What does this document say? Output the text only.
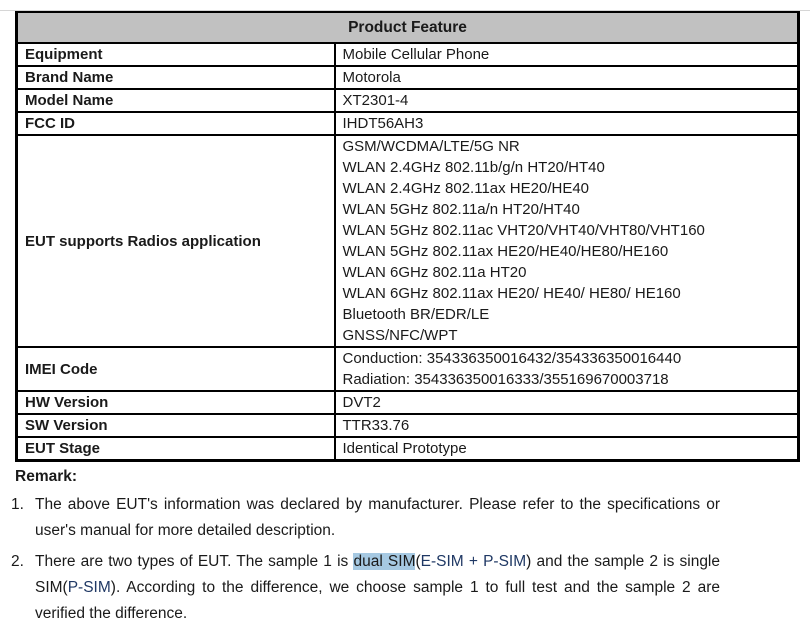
Product Feature	
Equipment	Mobile Cellular Phone

Brand Name	Motorola

Model Name	XT2301-4

FCC ID	IHDT56AH3

EUT supports Radios application	
GSM/WCDMA/LTE/5G NR
WLAN 2.4GHz 802.11b/g/n HT20/HT40
WLAN 2.4GHz 802.11ax HE20/HE40
WLAN 5GHz 802.11a/n HT20/HT40
WLAN 5GHz 802.11ac VHT20/VHT40/VHT80/VHT160
WLAN 5GHz 802.11ax HE20/HE40/HE80/HE160
WLAN 6GHz 802.11a HT20
WLAN 6GHz 802.11ax HE20/ HE40/ HE80/ HE160
Bluetooth BR/EDR/LE
GNSS/NFC/WPT

IMEI Code	Conduction: 354336350016432/354336350016440
Radiation: 354336350016333/355169670003718

HW Version	DVT2

SW Version	TTR33.76

EUT Stage	Identical Prototype
Remark:
1. The above EUT's information was declared by manufacturer. Please refer to the specifications or user's manual for more detailed description.
2. There are two types of EUT. The sample 1 is dual SIM(E-SIM + P-SIM) and the sample 2 is single SIM(P-SIM). According to the difference, we choose sample 1 to full test and the sample 2 are verified the difference.
